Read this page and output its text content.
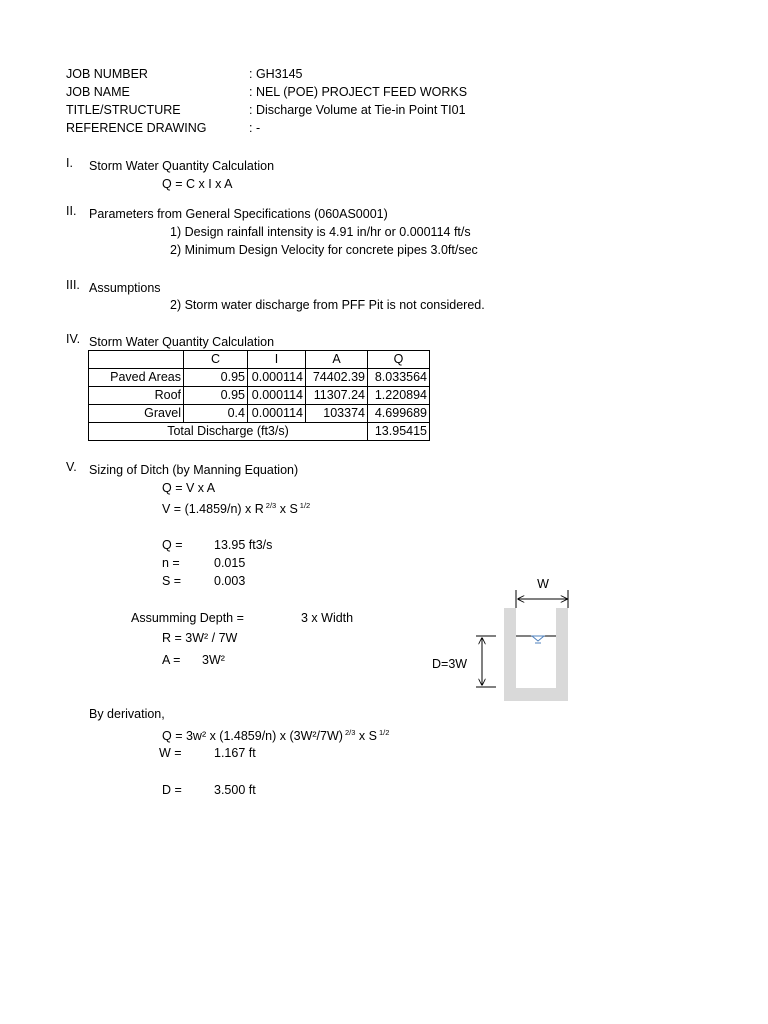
JOB NUMBER	: GH3145
JOB NAME	: NEL (POE) PROJECT FEED WORKS
TITLE/STRUCTURE	: Discharge Volume at Tie-in Point TI01
REFERENCE DRAWING	: -
I. Storm Water Quantity Calculation
Q = C x I x A
II. Parameters from General Specifications (060AS0001)
1) Design rainfall intensity is 4.91 in/hr or 0.000114 ft/s
2) Minimum Design Velocity for concrete pipes 3.0ft/sec
III. Assumptions
2) Storm water discharge from PFF Pit is not considered.
IV. Storm Water Quantity Calculation
	C	I	A	Q
Paved Areas	0.95	0.000114	74402.39	8.033564
Roof	0.95	0.000114	11307.24	1.220894
Gravel	0.4	0.000114	103374	4.699689
Total Discharge (ft3/s)				13.95415
V. Sizing of Ditch (by Manning Equation)
Q = V x A
V = (1.4859/n) x R $^{2/3}$ x S $^{1/2}$
Q =	13.95 ft3/s
n =	0.015
S =	0.003
Assumming Depth =	3 x Width
R = 3W² / 7W
A = 3W²
By derivation,
Q = 3w² x (1.4859/n) x (3W²/7W) $^{2/3}$ x S $^{1/2}$
W =	1.167 ft
D =	3.500 ft
W
D=3W
